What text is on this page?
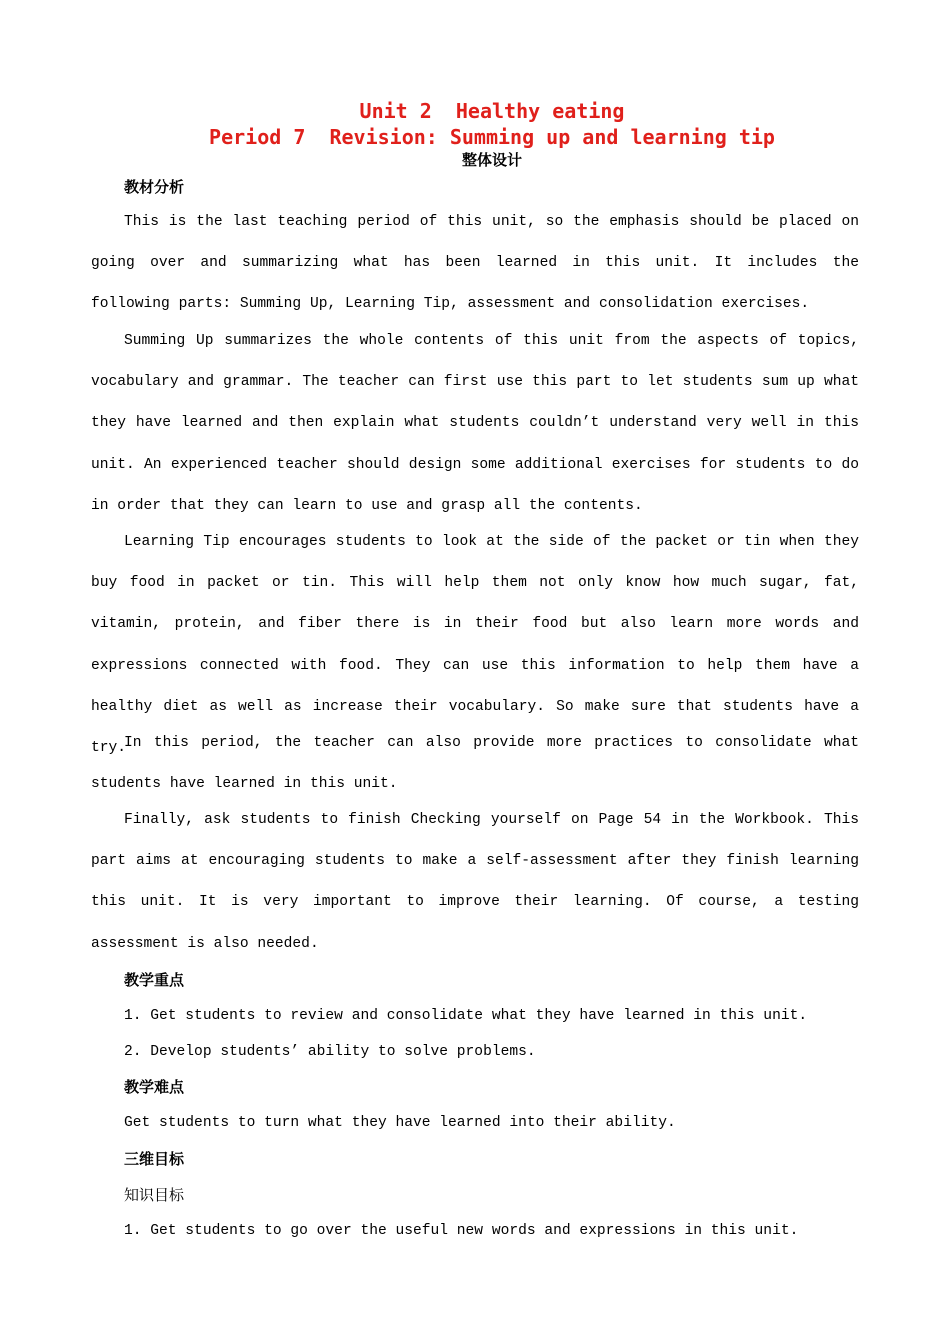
Unit 2  Healthy eating
Period 7  Revision: Summing up and learning tip
整体设计
教材分析

This is the last teaching period of this unit, so the emphasis should be placed on going over and summarizing what has been learned in this unit. It includes the following parts: Summing Up, Learning Tip, assessment and consolidation exercises.

Summing Up summarizes the whole contents of this unit from the aspects of topics, vocabulary and grammar. The teacher can first use this part to let students sum up what they have learned and then explain what students couldn’t understand very well in this unit. An experienced teacher should design some additional exercises for students to do in order that they can learn to use and grasp all the contents.

Learning Tip encourages students to look at the side of the packet or tin when they buy food in packet or tin. This will help them not only know how much sugar, fat, vitamin, protein, and fiber there is in their food but also learn more words and expressions connected with food. They can use this information to help them have a healthy diet as well as increase their vocabulary. So make sure that students have a try.

In this period, the teacher can also provide more practices to consolidate what students have learned in this unit.

Finally, ask students to finish Checking yourself on Page 54 in the Workbook. This part aims at encouraging students to make a self-assessment after they finish learning this unit. It is very important to improve their learning. Of course, a testing assessment is also needed.

教学重点
1. Get students to review and consolidate what they have learned in this unit.
2. Develop students’ ability to solve problems.
教学难点
Get students to turn what they have learned into their ability.
三维目标
知识目标
1. Get students to go over the useful new words and expressions in this unit.
